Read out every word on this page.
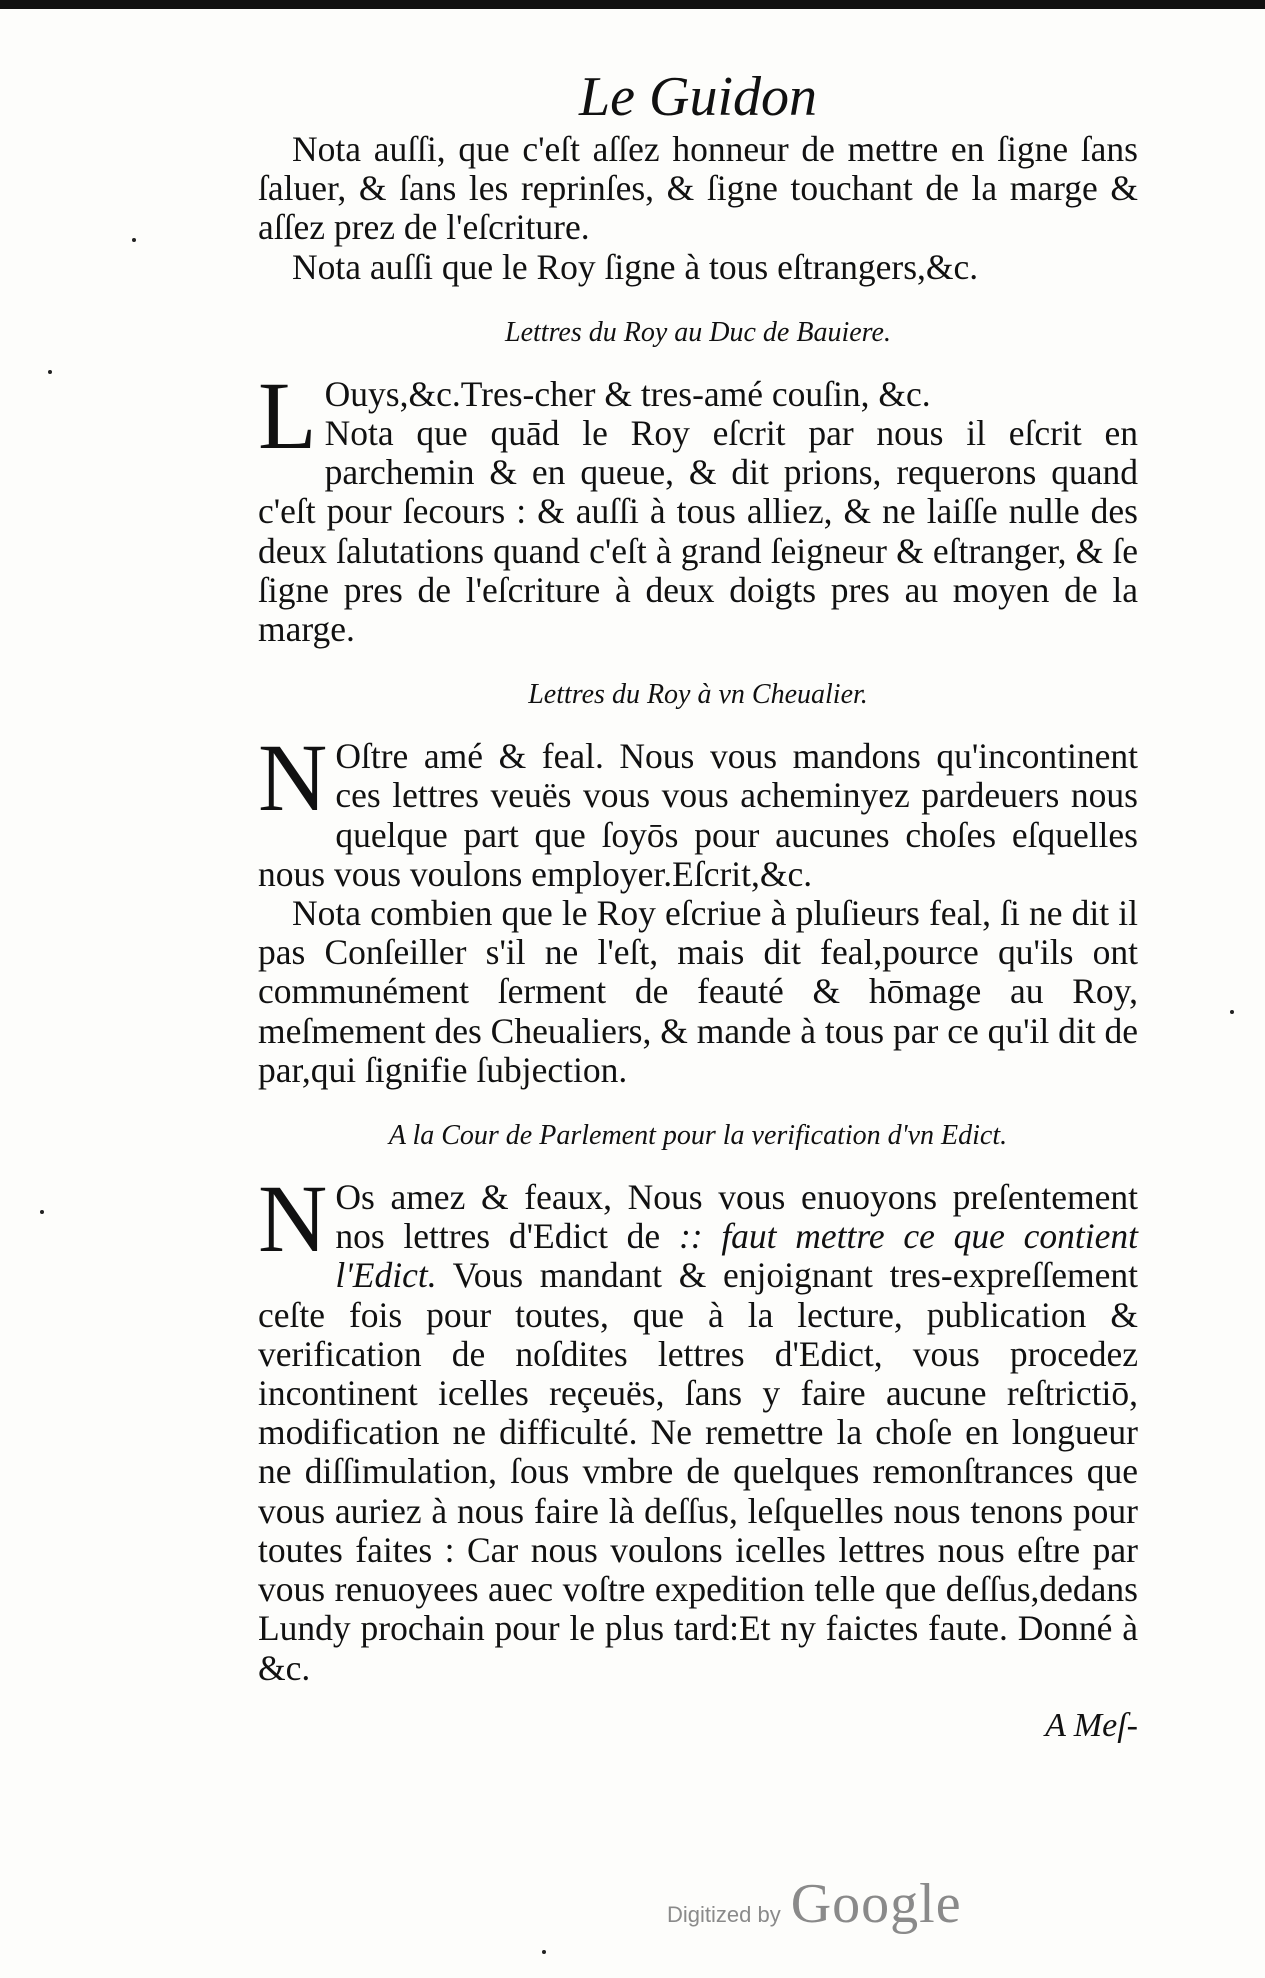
Le Guidon

Nota auſſi, que c'eſt aſſez honneur de mettre en ſigne ſans ſaluer, & ſans les reprinſes, & ſigne touchant de la marge & aſſez prez de l'eſcriture.

Nota auſſi que le Roy ſigne à tous eſtrangers,&c.

Lettres du Roy au Duc de Bauiere.

L Ouys,&c.Tres-cher & tres-amé couſin, &c.

Nota que quād le Roy eſcrit par nous il eſcrit en parchemin & en queue, & dit prions, requerons quand c'eſt pour ſecours : & auſſi à tous alliez, & ne laiſſe nulle des deux ſalutations quand c'eſt à grand ſeigneur & eſtranger, & ſe ſigne pres de l'eſcriture à deux doigts pres au moyen de la marge.

Lettres du Roy à vn Cheualier.

N Oſtre amé & feal. Nous vous mandons qu'incontinent ces lettres veuës vous vous acheminyez pardeuers nous quelque part que ſoyōs pour aucunes choſes eſquelles nous vous voulons employer.Eſcrit,&c.

Nota combien que le Roy eſcriue à pluſieurs feal, ſi ne dit il pas Conſeiller s'il ne l'eſt, mais dit feal,pource qu'ils ont communément ſerment de feauté & hōmage au Roy, meſmement des Cheualiers, & mande à tous par ce qu'il dit de par,qui ſignifie ſubjection.

A la Cour de Parlement pour la verification d'vn Edict.

N Os amez & feaux, Nous vous enuoyons preſentement nos lettres d'Edict de :: faut mettre ce que contient l'Edict. Vous mandant & enjoignant tres-expreſſement ceſte fois pour toutes, que à la lecture, publication & verification de noſdites lettres d'Edict, vous procedez incontinent icelles reçeuës, ſans y faire aucune reſtrictiō, modification ne difficulté. Ne remettre la choſe en longueur ne diſſimulation, ſous vmbre de quelques remonſtrances que vous auriez à nous faire là deſſus, leſquelles nous tenons pour toutes faites : Car nous voulons icelles lettres nous eſtre par vous renuoyees auec voſtre expedition telle que deſſus,dedans Lundy prochain pour le plus tard:Et ny faictes faute. Donné à &c.

A Meſ-
Digitized by Google
